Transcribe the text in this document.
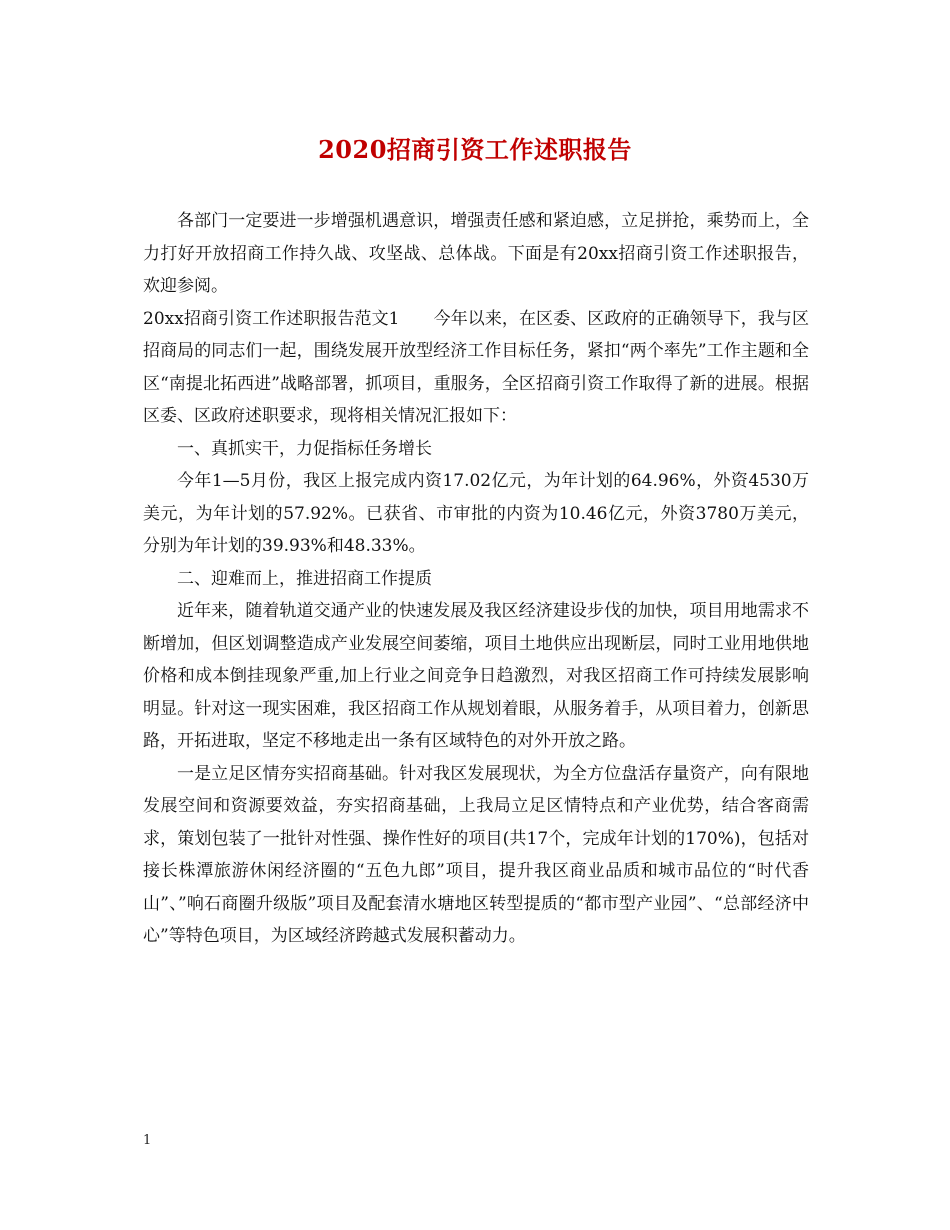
2020招商引资工作述职报告

各部门一定要进一步增强机遇意识，增强责任感和紧迫感，立足拼抢，乘势而上，全力打好开放招商工作持久战、攻坚战、总体战。下面是有20xx招商引资工作述职报告，欢迎参阅。

20xx招商引资工作述职报告范文1　　今年以来，在区委、区政府的正确领导下，我与区招商局的同志们一起，围绕发展开放型经济工作目标任务，紧扣“两个率先”工作主题和全区“南提北拓西进”战略部署，抓项目，重服务，全区招商引资工作取得了新的进展。根据区委、区政府述职要求，现将相关情况汇报如下：

一、真抓实干，力促指标任务增长

今年1—5月份，我区上报完成内资17.02亿元，为年计划的64.96%，外资4530万美元，为年计划的57.92%。已获省、市审批的内资为10.46亿元，外资3780万美元，分别为年计划的39.93%和48.33%。

二、迎难而上，推进招商工作提质

近年来，随着轨道交通产业的快速发展及我区经济建设步伐的加快，项目用地需求不断增加，但区划调整造成产业发展空间萎缩，项目土地供应出现断层，同时工业用地供地价格和成本倒挂现象严重,加上行业之间竞争日趋激烈，对我区招商工作可持续发展影响明显。针对这一现实困难，我区招商工作从规划着眼，从服务着手，从项目着力，创新思路，开拓进取，坚定不移地走出一条有区域特色的对外开放之路。

一是立足区情夯实招商基础。针对我区发展现状，为全方位盘活存量资产，向有限地发展空间和资源要效益，夯实招商基础，上我局立足区情特点和产业优势，结合客商需求，策划包装了一批针对性强、操作性好的项目(共17个，完成年计划的170%)，包括对接长株潭旅游休闲经济圈的“五色九郎”项目，提升我区商业品质和城市品位的“时代香山”、”响石商圈升级版”项目及配套清水塘地区转型提质的“都市型产业园”、“总部经济中心”等特色项目，为区域经济跨越式发展积蓄动力。

1
